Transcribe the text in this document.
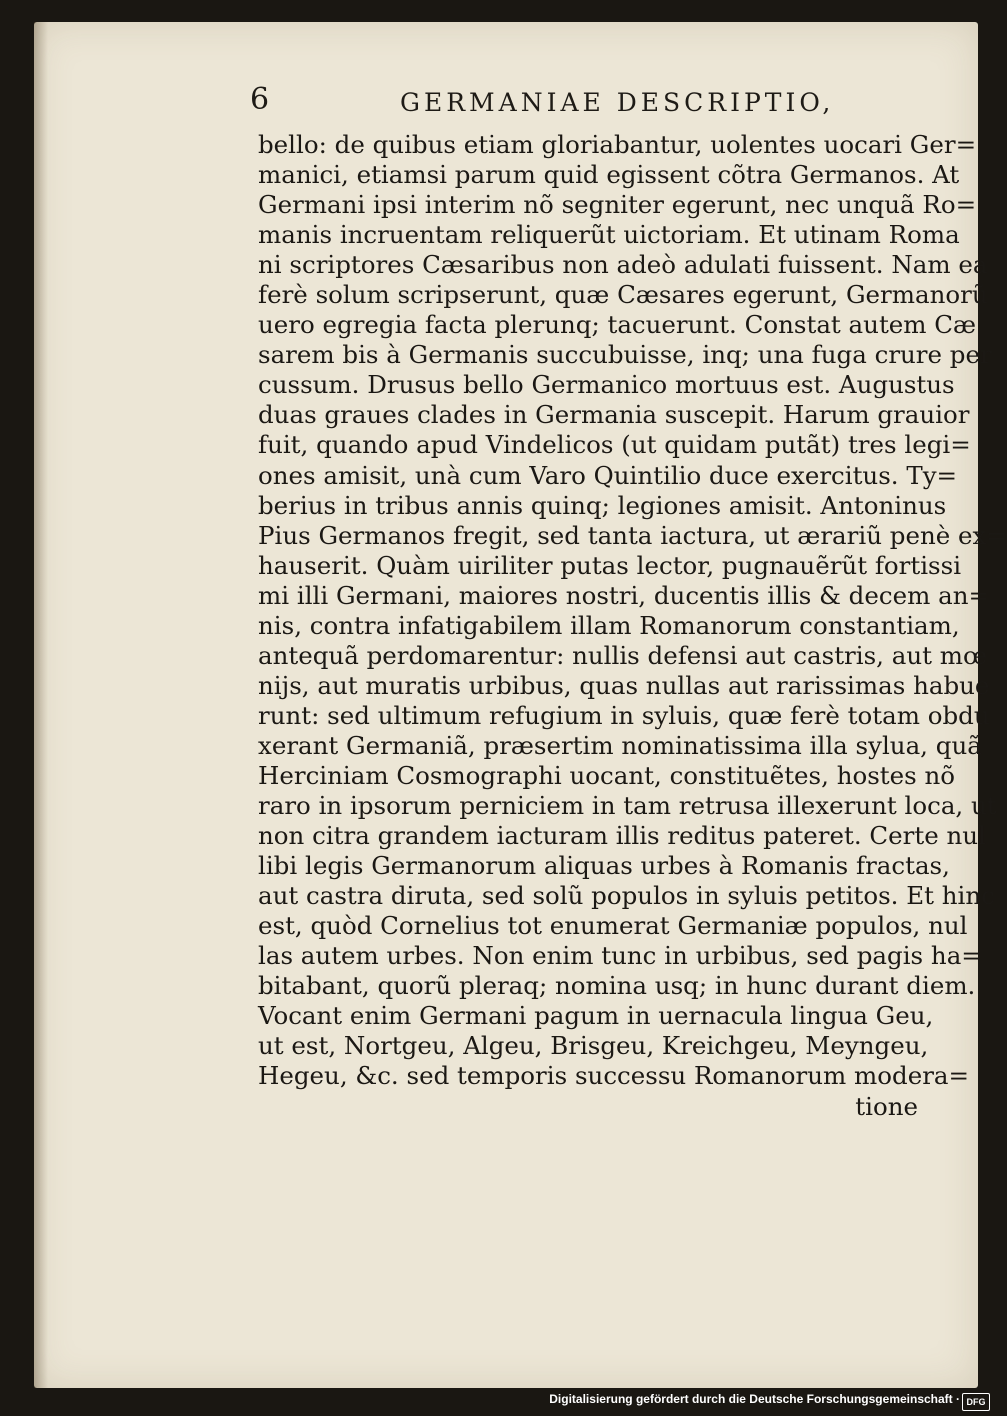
6	GERMANIAE DESCRIPTIO,
bello: de quibus etiam gloriabantur, uolentes uocari Ger=
manici, etiamsi parum quid egissent cõtra Germanos. At
Germani ipsi interim nõ segniter egerunt, nec unquã Ro=
manis incruentam reliquerũt uictoriam. Et utinam Roma
ni scriptores Cæsaribus non adeò adulati fuissent. Nam ea
ferè solum scripserunt, quæ Cæsares egerunt, Germanorũ
uero egregia facta plerunq; tacuerunt. Constat autem Cæ
sarem bis à Germanis succubuisse, inq; una fuga crure per
cussum. Drusus bello Germanico mortuus est. Augustus
duas graues clades in Germania suscepit. Harum grauior
fuit, quando apud Vindelicos (ut quidam putãt) tres legi=
ones amisit, unà cum Varo Quintilio duce exercitus. Ty=
berius in tribus annis quinq; legiones amisit. Antoninus
Pius Germanos fregit, sed tanta iactura, ut ærariũ penè ex=
hauserit. Quàm uiriliter putas lector, pugnauẽrũt fortissi
mi illi Germani, maiores nostri, ducentis illis & decem an=
nis, contra infatigabilem illam Romanorum constantiam,
antequã perdomarentur: nullis defensi aut castris, aut mœ
nijs, aut muratis urbibus, quas nullas aut rarissimas habue
runt: sed ultimum refugium in syluis, quæ ferè totam obdu
xerant Germaniã, præsertim nominatissima illa sylua, quã
Herciniam Cosmographi uocant, constituẽtes, hostes nõ
raro in ipsorum perniciem in tam retrusa illexerunt loca, ut
non citra grandem iacturam illis reditus pateret. Certe nul
libi legis Germanorum aliquas urbes à Romanis fractas,
aut castra diruta, sed solũ populos in syluis petitos. Et hinc
est, quòd Cornelius tot enumerat Germaniæ populos, nul
las autem urbes. Non enim tunc in urbibus, sed pagis ha=
bitabant, quorũ pleraq; nomina usq; in hunc durant diem.
Vocant enim Germani pagum in uernacula lingua Geu,
ut est, Nortgeu, Algeu, Brisgeu, Kreichgeu, Meyngeu,
Hegeu, &c. sed temporis successu Romanorum modera=
tione
Digitalisierung gefördert durch die Deutsche Forschungsgemeinschaft · DFG
